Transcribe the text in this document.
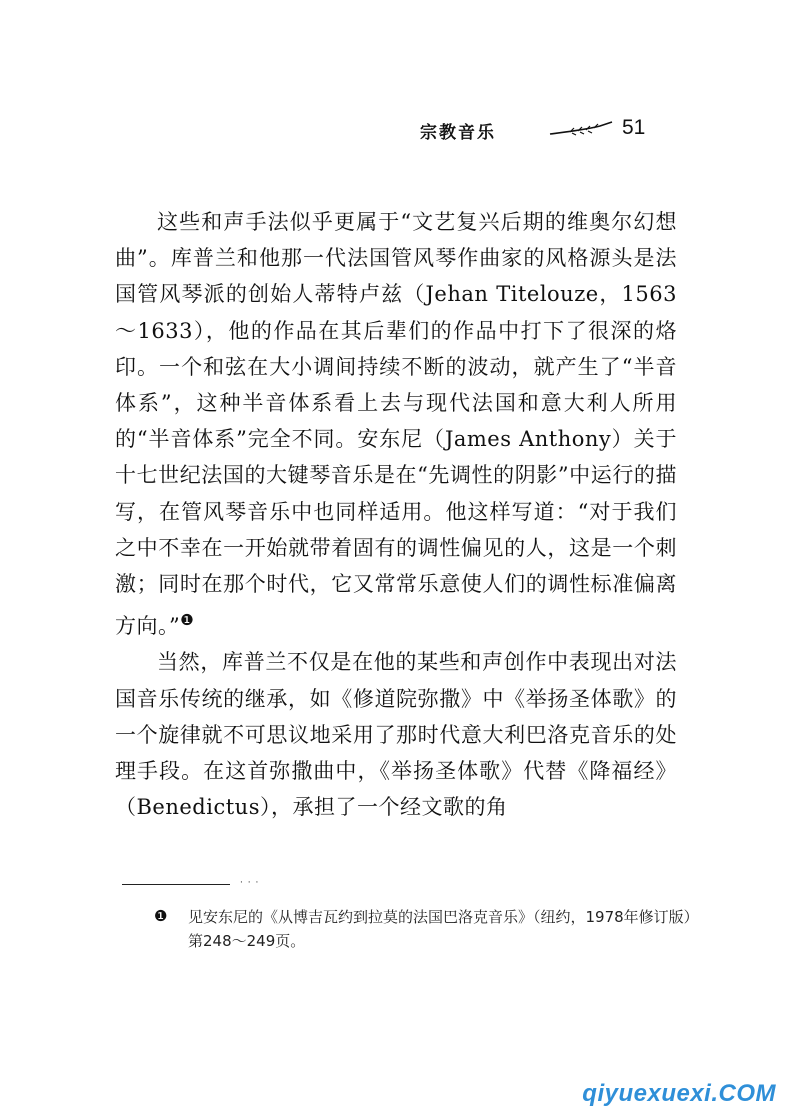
宗教音乐	51

这些和声手法似乎更属于“文艺复兴后期的维奥尔幻想曲”。库普兰和他那一代法国管风琴作曲家的风格源头是法国管风琴派的创始人蒂特卢兹（Jehan Titelouze，1563～1633），他的作品在其后辈们的作品中打下了很深的烙印。一个和弦在大小调间持续不断的波动，就产生了“半音体系”，这种半音体系看上去与现代法国和意大利人所用的“半音体系”完全不同。安东尼（James Anthony）关于十七世纪法国的大键琴音乐是在“先调性的阴影”中运行的描写，在管风琴音乐中也同样适用。他这样写道：“对于我们之中不幸在一开始就带着固有的调性偏见的人，这是一个刺激；同时在那个时代，它又常常乐意使人们的调性标准偏离方向。”$^❶$

当然，库普兰不仅是在他的某些和声创作中表现出对法国音乐传统的继承，如《修道院弥撒》中《举扬圣体歌》的一个旋律就不可思议地采用了那时代意大利巴洛克音乐的处理手段。在这首弥撒曲中，《举扬圣体歌》代替《降福经》（Benedictus），承担了一个经文歌的角

· · ·
❶ 见安东尼的《从博吉瓦约到拉莫的法国巴洛克音乐》（纽约，1978年修订版）第248～249页。
qiyuexuexi.COM
